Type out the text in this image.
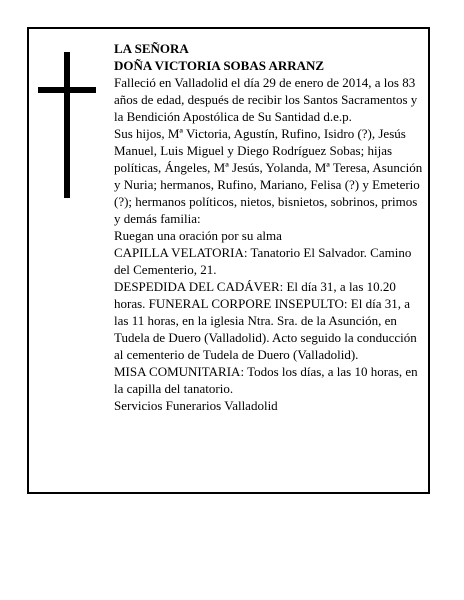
LA SEÑORA

DOÑA VICTORIA SOBAS ARRANZ

Falleció en Valladolid el día 29 de enero de 2014, a los 83 años de edad, después de recibir los Santos Sacramentos y la Bendición Apostólica de Su Santidad d.e.p.

Sus hijos, Mª Victoria, Agustín, Rufino, Isidro (?), Jesús Manuel, Luis Miguel y Diego Rodríguez Sobas; hijas políticas, Ángeles, Mª Jesús, Yolanda, Mª Teresa, Asunción y Nuria; hermanos, Rufino, Mariano, Felisa (?) y Emeterio (?); hermanos políticos, nietos, bisnietos, sobrinos, primos y demás familia:

Ruegan una oración por su alma

CAPILLA VELATORIA: Tanatorio El Salvador. Camino del Cementerio, 21.

DESPEDIDA DEL CADÁVER: El día 31, a las 10.20 horas. FUNERAL CORPORE INSEPULTO: El día 31, a las 11 horas, en la iglesia Ntra. Sra. de la Asunción, en Tudela de Duero (Valladolid). Acto seguido la conducción al cementerio de Tudela de Duero (Valladolid).

MISA COMUNITARIA: Todos los días, a las 10 horas, en la capilla del tanatorio.

Servicios Funerarios Valladolid
